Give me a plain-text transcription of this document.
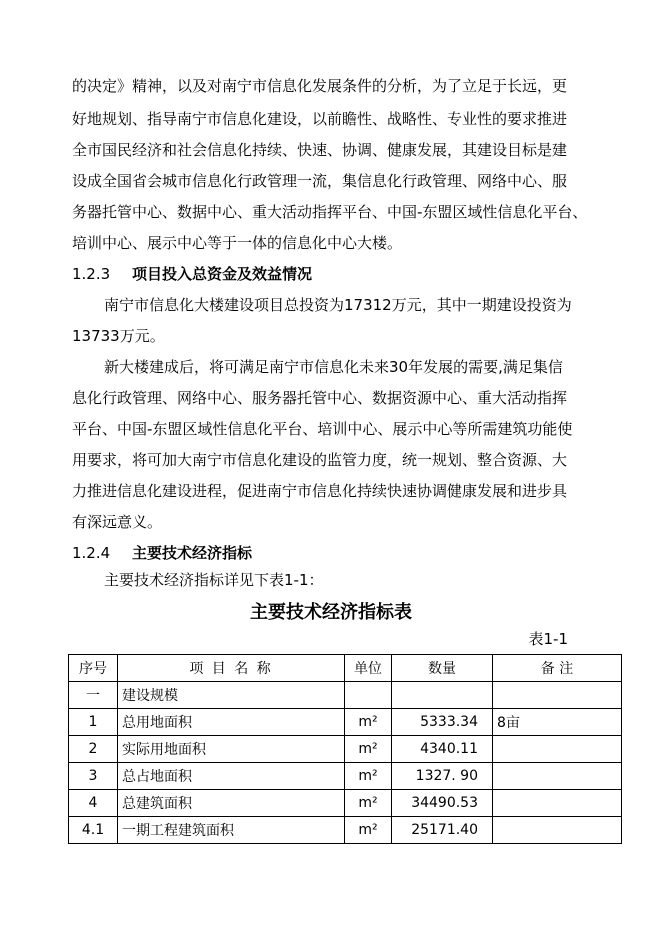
的决定》精神，以及对南宁市信息化发展条件的分析，为了立足于长远，更
好地规划、指导南宁市信息化建设，以前瞻性、战略性、专业性的要求推进
全市国民经济和社会信息化持续、快速、协调、健康发展，其建设目标是建
设成全国省会城市信息化行政管理一流，集信息化行政管理、网络中心、服
务器托管中心、数据中心、重大活动指挥平台、中国-东盟区域性信息化平台、
培训中心、展示中心等于一体的信息化中心大楼。
1.2.3 项目投入总资金及效益情况
南宁市信息化大楼建设项目总投资为17312万元，其中一期建设投资为
13733万元。
新大楼建成后，将可满足南宁市信息化未来30年发展的需要,满足集信
息化行政管理、网络中心、服务器托管中心、数据资源中心、重大活动指挥
平台、中国-东盟区域性信息化平台、培训中心、展示中心等所需建筑功能使
用要求，将可加大南宁市信息化建设的监管力度，统一规划、整合资源、大
力推进信息化建设进程，促进南宁市信息化持续快速协调健康发展和进步具
有深远意义。
1.2.4 主要技术经济指标
主要技术经济指标详见下表1-1：
主要技术经济指标表
表1-1
序号	项 目 名 称	单位	数量	备 注
一	建设规模			
1	总用地面积	m²	5333.34	8亩
2	实际用地面积	m²	4340.11	
3	总占地面积	m²	1327. 90	
4	总建筑面积	m²	34490.53	
4.1	一期工程建筑面积	m²	25171.40	
